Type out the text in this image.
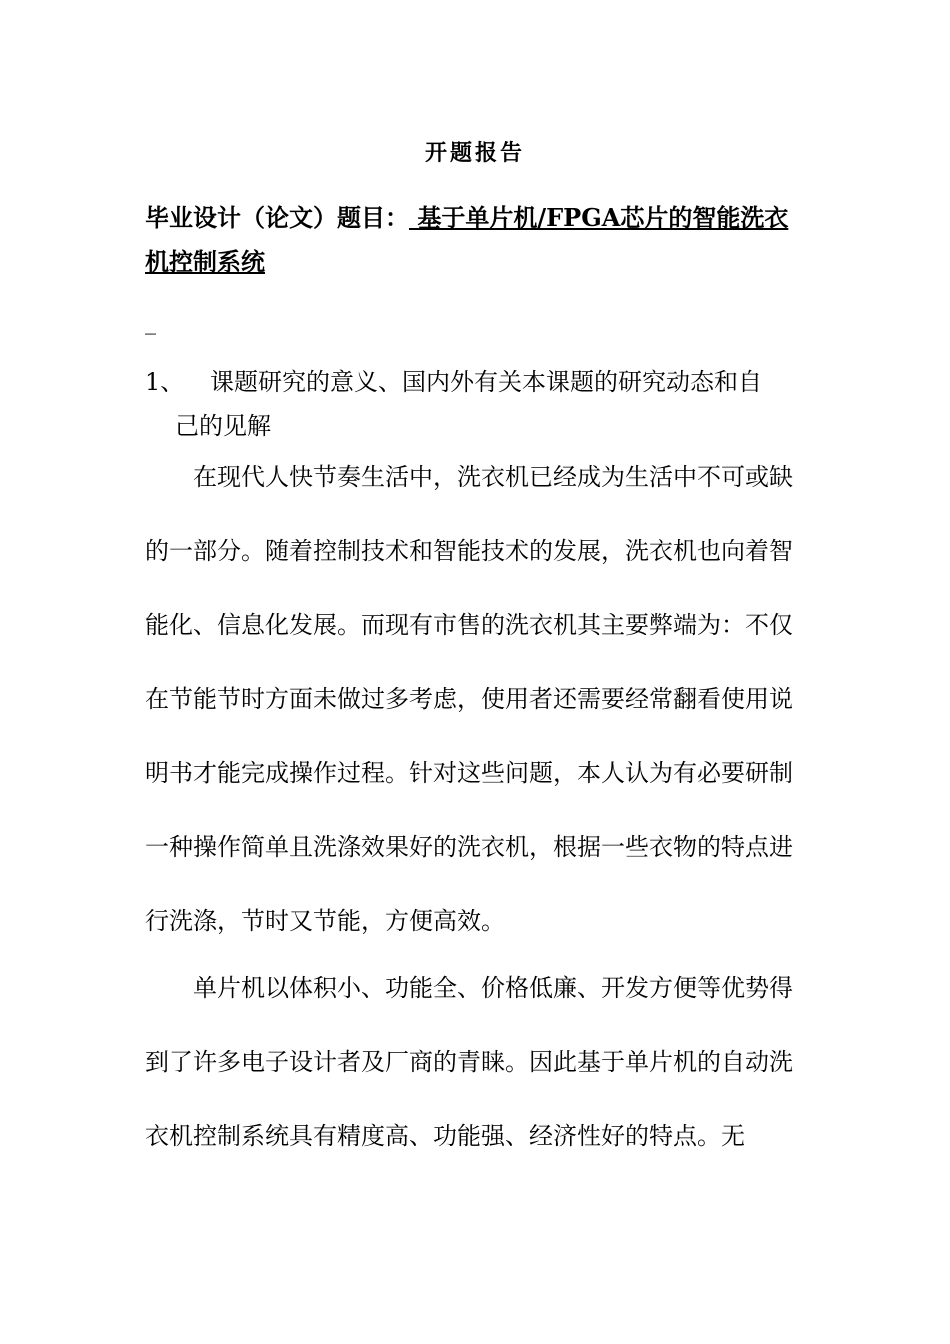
开题报告
毕业设计（论文）题目： 基于单片机/FPGA芯片的智能洗衣机控制系统
_
1、 课题研究的意义、国内外有关本课题的研究动态和自
己的见解

在现代人快节奏生活中，洗衣机已经成为生活中不可或缺的一部分。随着控制技术和智能技术的发展，洗衣机也向着智能化、信息化发展。而现有市售的洗衣机其主要弊端为：不仅在节能节时方面未做过多考虑，使用者还需要经常翻看使用说明书才能完成操作过程。针对这些问题，本人认为有必要研制一种操作简单且洗涤效果好的洗衣机，根据一些衣物的特点进行洗涤，节时又节能，方便高效。

单片机以体积小、功能全、价格低廉、开发方便等优势得到了许多电子设计者及厂商的青睐。因此基于单片机的自动洗衣机控制系统具有精度高、功能强、经济性好的特点。无
